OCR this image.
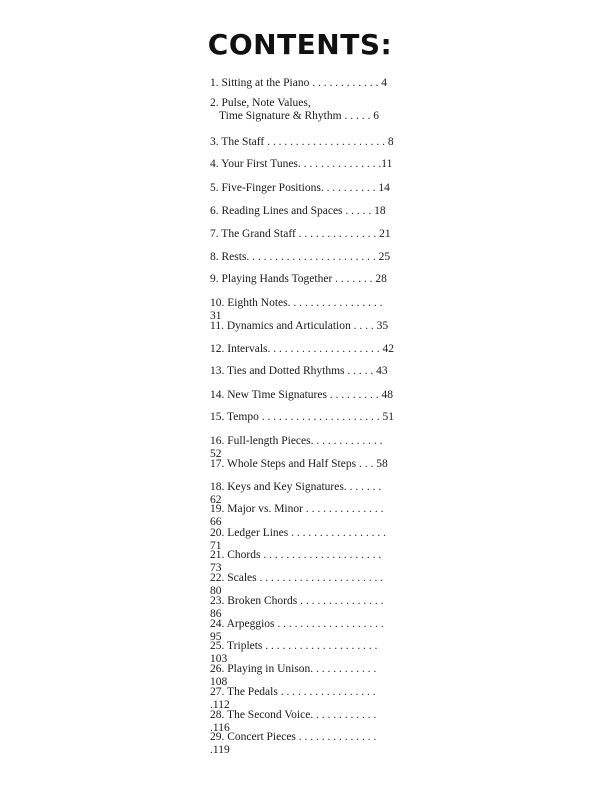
CONTENTS:
1. Sitting at the Piano . . . . . . . . . . . . 4
2. Pulse, Note Values,
Time Signature & Rhythm . . . . . 6
3. The Staff . . . . . . . . . . . . . . . . . . . . . 8
4. Your First Tunes. . . . . . . . . . . . . . .11
5. Five-Finger Positions. . . . . . . . . . 14
6. Reading Lines and Spaces . . . . . 18
7. The Grand Staff . . . . . . . . . . . . . . 21
8. Rests. . . . . . . . . . . . . . . . . . . . . . . 25
9. Playing Hands Together . . . . . . . 28
10. Eighth Notes. . . . . . . . . . . . . . . . . 31
11. Dynamics and Articulation . . . . 35
12. Intervals. . . . . . . . . . . . . . . . . . . . 42
13. Ties and Dotted Rhythms . . . . . 43
14. New Time Signatures . . . . . . . . . 48
15. Tempo . . . . . . . . . . . . . . . . . . . . . 51
16. Full-length Pieces. . . . . . . . . . . . . 52
17. Whole Steps and Half Steps . . . 58
18. Keys and Key Signatures. . . . . . . 62
19. Major vs. Minor . . . . . . . . . . . . . . 66
20. Ledger Lines . . . . . . . . . . . . . . . . . 71
21. Chords . . . . . . . . . . . . . . . . . . . . . 73
22. Scales . . . . . . . . . . . . . . . . . . . . . . 80
23. Broken Chords . . . . . . . . . . . . . . . 86
24. Arpeggios . . . . . . . . . . . . . . . . . . . 95
25. Triplets . . . . . . . . . . . . . . . . . . . . 103
26. Playing in Unison. . . . . . . . . . . . 108
27. The Pedals . . . . . . . . . . . . . . . . . .112
28. The Second Voice. . . . . . . . . . . . .116
29. Concert Pieces . . . . . . . . . . . . . . .119
